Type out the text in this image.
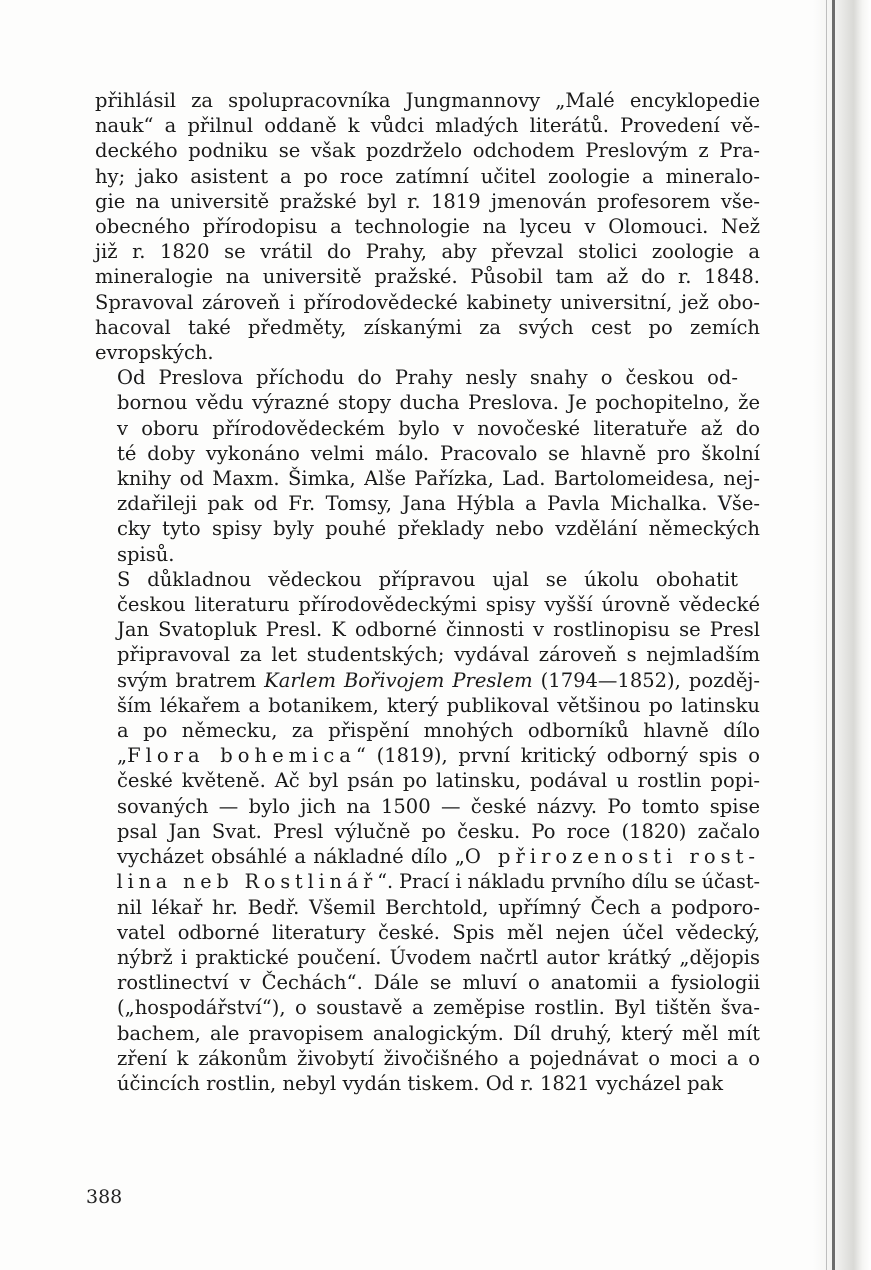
přihlásil za spolupracovníka Jungmannovy „Malé encyklopedie
nauk“ a přilnul oddaně k vůdci mladých literátů. Provedení vě-
deckého podniku se však pozdrželo odchodem Preslovým z Pra-
hy; jako asistent a po roce zatímní učitel zoologie a mineralo-
gie na universitě pražské byl r. 1819 jmenován profesorem vše-
obecného přírodopisu a technologie na lyceu v Olomouci. Než
již r. 1820 se vrátil do Prahy, aby převzal stolici zoologie a
mineralogie na universitě pražské. Působil tam až do r. 1848.
Spravoval zároveň i přírodovědecké kabinety universitní, jež obo-
hacoval také předměty, získanými za svých cest po zemích
evropských.

Od Preslova příchodu do Prahy nesly snahy o českou od-
bornou vědu výrazné stopy ducha Preslova. Je pochopitelno, že
v oboru přírodovědeckém bylo v novočeské literatuře až do
té doby vykonáno velmi málo. Pracovalo se hlavně pro školní
knihy od Maxm. Šimka, Alše Pařízka, Lad. Bartolomeidesa, nej-
zdařileji pak od Fr. Tomsy, Jana Hýbla a Pavla Michalka. Vše-
cky tyto spisy byly pouhé překlady nebo vzdělání německých
spisů.

S důkladnou vědeckou přípravou ujal se úkolu obohatit
českou literaturu přírodovědeckými spisy vyšší úrovně vědecké
Jan Svatopluk Presl. K odborné činnosti v rostlinopisu se Presl
připravoval za let studentských; vydával zároveň s nejmladším
svým bratrem Karlem Bořivojem Preslem (1794—1852), pozděj-
ším lékařem a botanikem, který publikoval většinou po latinsku
a po německu, za přispění mnohých odborníků hlavně dílo
„Flora bohemica“ (1819), první kritický odborný spis o
české květeně. Ač byl psán po latinsku, podával u rostlin popi-
sovaných — bylo jich na 1500 — české názvy. Po tomto spise
psal Jan Svat. Presl výlučně po česku. Po roce (1820) začalo
vycházet obsáhlé a nákladné dílo „O přirozenosti rost-
lina neb Rostlinář“. Prací i nákladu prvního dílu se účast-
nil lékař hr. Bedř. Všemil Berchtold, upřímný Čech a podporo-
vatel odborné literatury české. Spis měl nejen účel vědecký,
nýbrž i praktické poučení. Úvodem načrtl autor krátký „dějopis
rostlinectví v Čechách“. Dále se mluví o anatomii a fysiologii
(„hospodářství“), o soustavě a zeměpise rostlin. Byl tištěn šva-
bachem, ale pravopisem analogickým. Díl druhý, který měl mít
zření k zákonům živobytí živočišného a pojednávat o moci a o
účincích rostlin, nebyl vydán tiskem. Od r. 1821 vycházel pak

388
